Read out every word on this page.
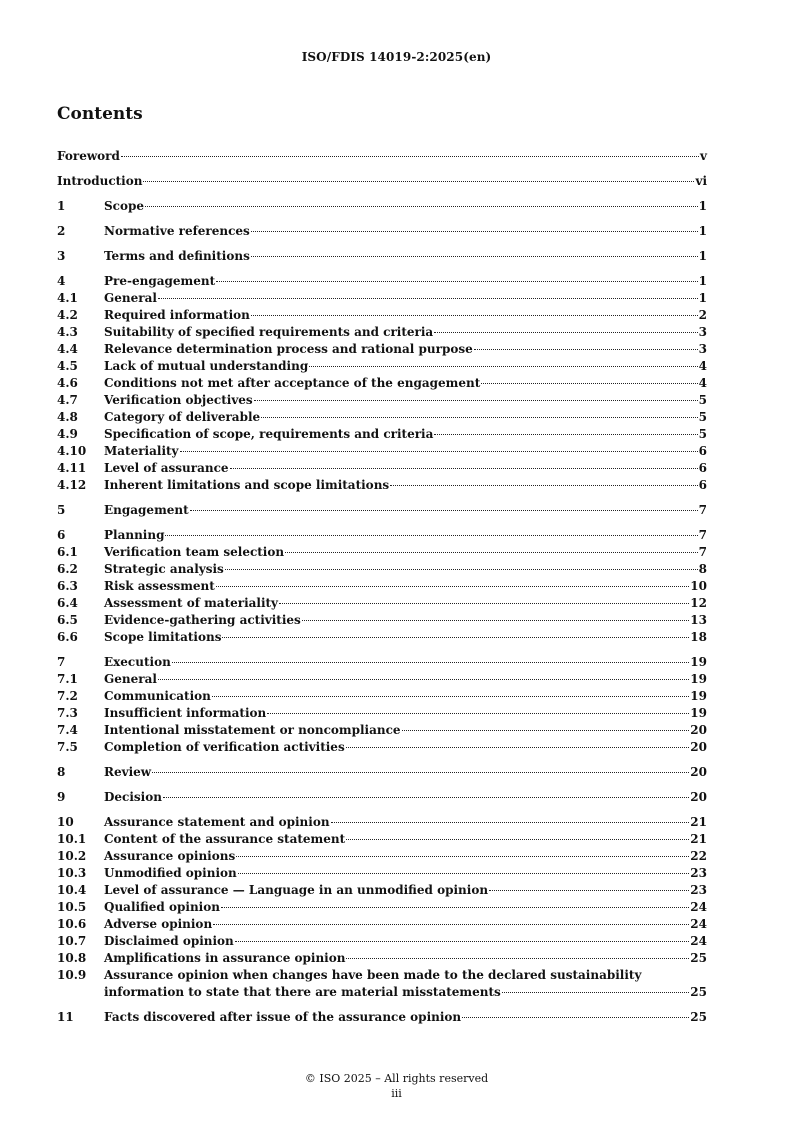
ISO/FDIS 14019-2:2025(en)
Contents
Foreword	v
Introduction	vi
1	Scope	1
2	Normative references	1
3	Terms and definitions	1
4	Pre-engagement	1
4.1	General	1
4.2	Required information	2
4.3	Suitability of specified requirements and criteria	3
4.4	Relevance determination process and rational purpose	3
4.5	Lack of mutual understanding	4
4.6	Conditions not met after acceptance of the engagement	4
4.7	Verification objectives	5
4.8	Category of deliverable	5
4.9	Specification of scope, requirements and criteria	5
4.10	Materiality	6
4.11	Level of assurance	6
4.12	Inherent limitations and scope limitations	6
5	Engagement	7
6	Planning	7
6.1	Verification team selection	7
6.2	Strategic analysis	8
6.3	Risk assessment	10
6.4	Assessment of materiality	12
6.5	Evidence-gathering activities	13
6.6	Scope limitations	18
7	Execution	19
7.1	General	19
7.2	Communication	19
7.3	Insufficient information	19
7.4	Intentional misstatement or noncompliance	20
7.5	Completion of verification activities	20
8	Review	20
9	Decision	20
10	Assurance statement and opinion	21
10.1	Content of the assurance statement	21
10.2	Assurance opinions	22
10.3	Unmodified opinion	23
10.4	Level of assurance — Language in an unmodified opinion	23
10.5	Qualified opinion	24
10.6	Adverse opinion	24
10.7	Disclaimed opinion	24
10.8	Amplifications in assurance opinion	25
10.9	Assurance opinion when changes have been made to the declared sustainability
information to state that there are material misstatements	25
11	Facts discovered after issue of the assurance opinion	25
© ISO 2025 – All rights reserved
iii
